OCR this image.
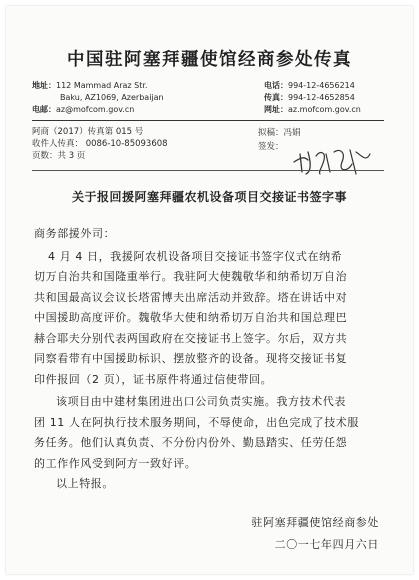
中国驻阿塞拜疆使馆经商参处传真
地址：112 Mammad Araz Str.
Baku, AZ1069, Azerbaijan
电邮：az@mofcom.gov.cn
电话：994-12-4656214
传真：994-12-4652854
网址：az.mofcom.gov.cn
阿商（2017）传真第 015 号
收件人传真： 0086-10-85093608
页数：共 3 页
拟稿：冯娟
签发：
关于报回援阿塞拜疆农机设备项目交接证书签字事

商务部援外司：

4 月 4 日，我援阿农机设备项目交接证书签字仪式在纳希
切万自治共和国隆重举行。我驻阿大使魏敬华和纳希切万自治
共和国最高议会议长塔雷博夫出席活动并致辞。塔在讲话中对
中国援助高度评价。魏敬华大使和纳希切万自治共和国总理巴
赫合耶夫分别代表两国政府在交接证书上签字。尔后，双方共
同察看带有中国援助标识、摆放整齐的设备。现将交接证书复
印件报回（2 页），证书原件将通过信使带回。
该项目由中建材集团进出口公司负责实施。我方技术代表
团 11 人在阿执行技术服务期间，不辱使命，出色完成了技术服
务任务。他们认真负责、不分份内份外、勤恳踏实、任劳任怨
的工作作风受到阿方一致好评。
以上特报。
驻阿塞拜疆使馆经商参处
二〇一七年四月六日
